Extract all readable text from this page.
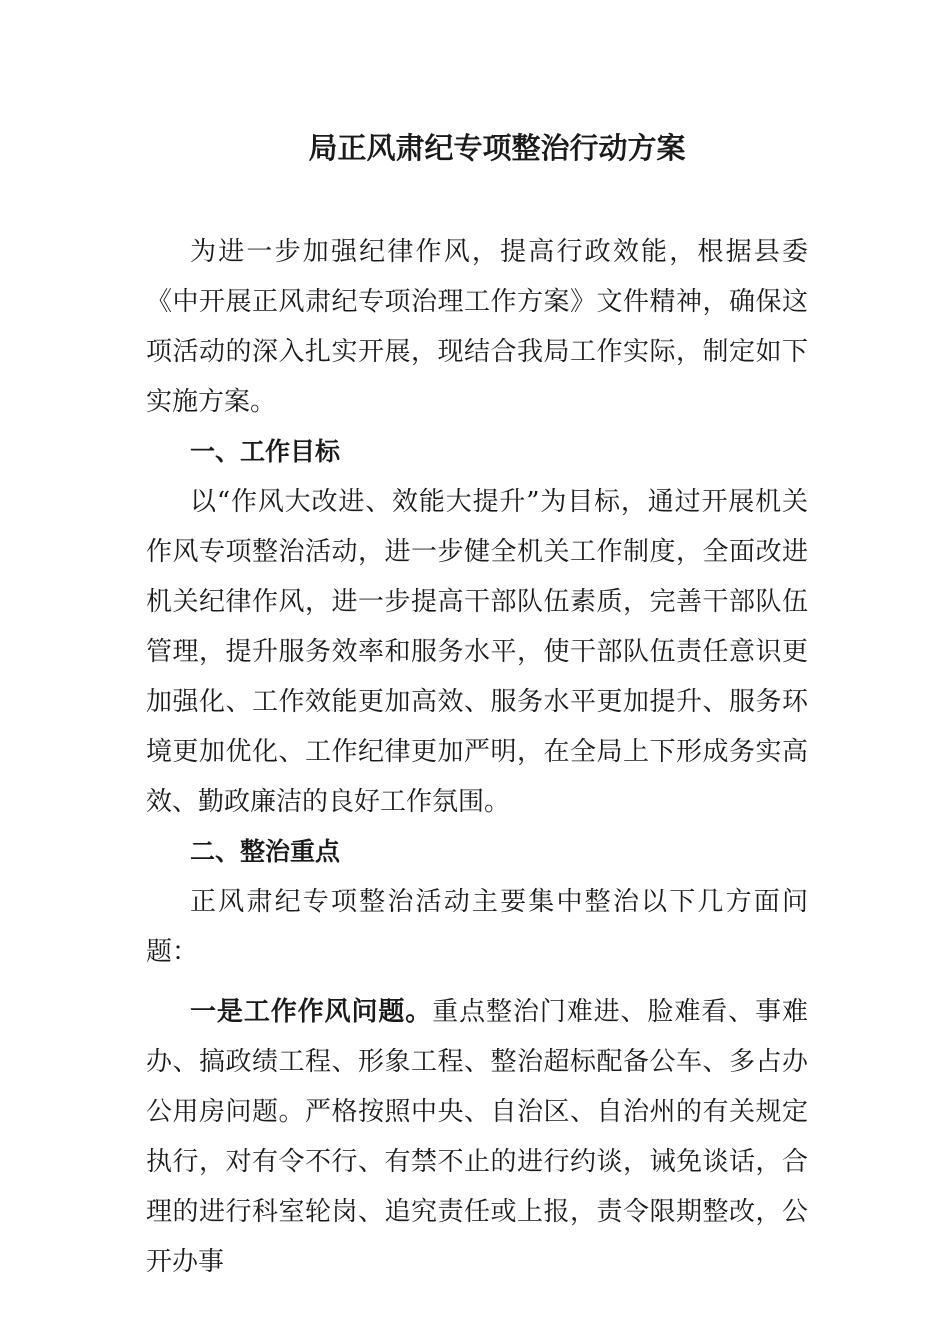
局正风肃纪专项整治行动方案

为进一步加强纪律作风，提高行政效能，根据县委《中开展正风肃纪专项治理工作方案》文件精神，确保这项活动的深入扎实开展，现结合我局工作实际，制定如下实施方案。

一、工作目标

以“作风大改进、效能大提升”为目标，通过开展机关作风专项整治活动，进一步健全机关工作制度，全面改进机关纪律作风，进一步提高干部队伍素质，完善干部队伍管理，提升服务效率和服务水平，使干部队伍责任意识更加强化、工作效能更加高效、服务水平更加提升、服务环境更加优化、工作纪律更加严明，在全局上下形成务实高效、勤政廉洁的良好工作氛围。

二、整治重点

正风肃纪专项整治活动主要集中整治以下几方面问题：

一是工作作风问题。重点整治门难进、脸难看、事难办、搞政绩工程、形象工程、整治超标配备公车、多占办公用房问题。严格按照中央、自治区、自治州的有关规定执行，对有令不行、有禁不止的进行约谈，诫免谈话，合理的进行科室轮岗、追究责任或上报，责令限期整改，公开办事
